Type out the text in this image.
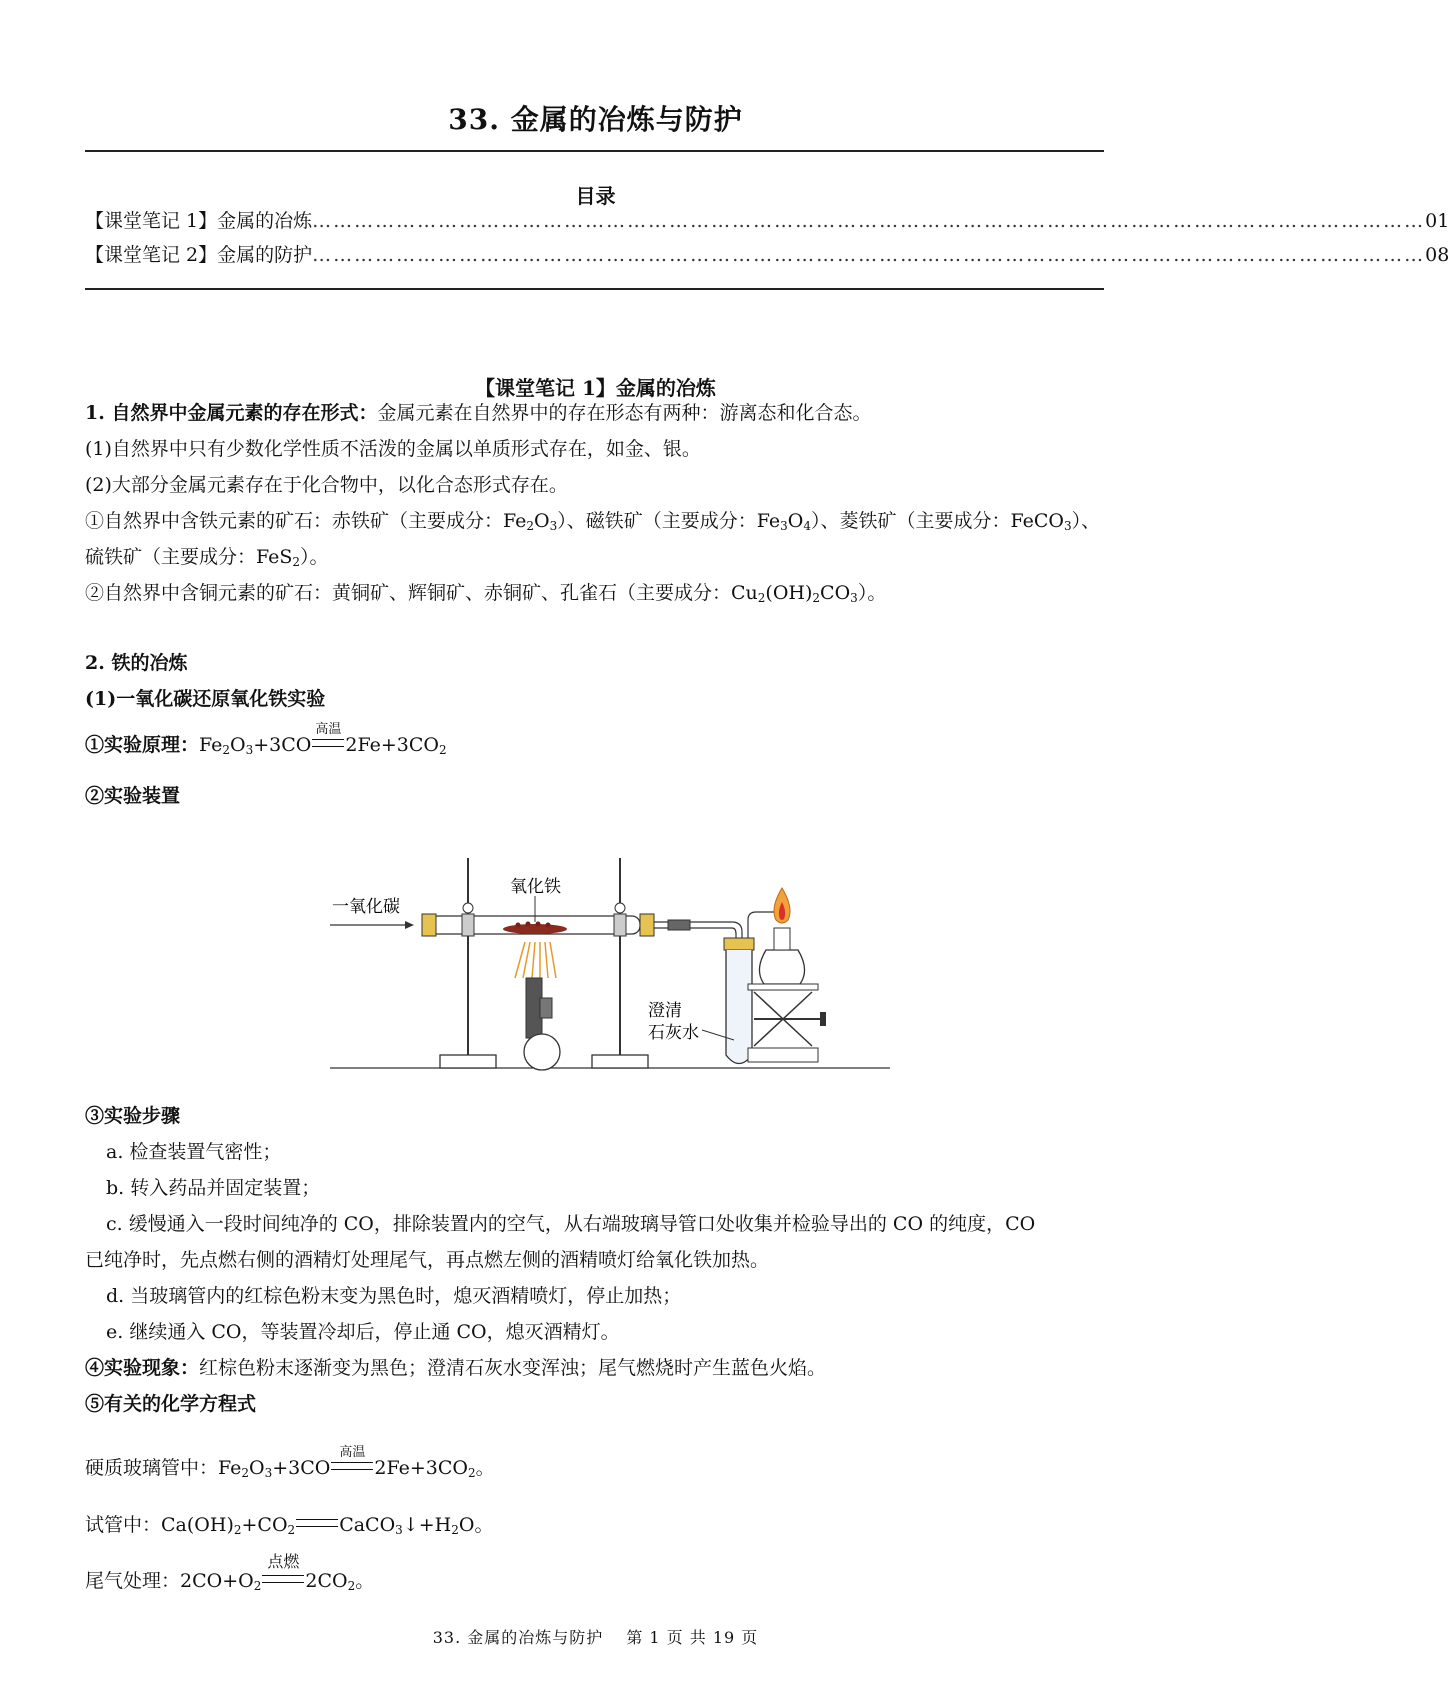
33. 金属的冶炼与防护
目录
【课堂笔记 1】金属的冶炼 …………………………………………………………………………………………………………………………………………… 01
【课堂笔记 2】金属的防护 …………………………………………………………………………………………………………………………………………… 08
【课堂笔记 1】金属的冶炼
1. 自然界中金属元素的存在形式：金属元素在自然界中的存在形态有两种：游离态和化合态。
(1)自然界中只有少数化学性质不活泼的金属以单质形式存在，如金、银。
(2)大部分金属元素存在于化合物中，以化合态形式存在。
①自然界中含铁元素的矿石：赤铁矿（主要成分：$Fe_2O_3$）、磁铁矿（主要成分：$Fe_3O_4$）、菱铁矿（主要成分：FeCO$_3$）、
硫铁矿（主要成分：FeS$_2$）。
②自然界中含铜元素的矿石：黄铜矿、辉铜矿、赤铜矿、孔雀石（主要成分：$Cu_2(OH)_2CO_3$）。
2. 铁的冶炼
(1)一氧化碳还原氧化铁实验
①实验原理：$Fe_2O_3+3CO$
高温
$2Fe+3CO_2$
②实验装置
一氧化碳
氧化铁
澄清
石灰水
③实验步骤
a. 检查装置气密性；
b. 转入药品并固定装置；
c. 缓慢通入一段时间纯净的 CO，排除装置内的空气，从右端玻璃导管口处收集并检验导出的 CO 的纯度，CO
已纯净时，先点燃右侧的酒精灯处理尾气，再点燃左侧的酒精喷灯给氧化铁加热。
d. 当玻璃管内的红棕色粉末变为黑色时，熄灭酒精喷灯，停止加热；
e. 继续通入 CO，等装置冷却后，停止通 CO，熄灭酒精灯。
④实验现象：红棕色粉末逐渐变为黑色；澄清石灰水变浑浊；尾气燃烧时产生蓝色火焰。
⑤有关的化学方程式
硬质玻璃管中：$Fe_2O_3+3CO$
高温
$2Fe+3CO_2$。
试管中：$Ca(OH)_2+CO_2$ $CaCO_3↓+H_2O$。
尾气处理：$2CO+O_2$
点燃
$2CO_2$。
33. 金属的冶炼与防护　 第 1 页 共 19 页
